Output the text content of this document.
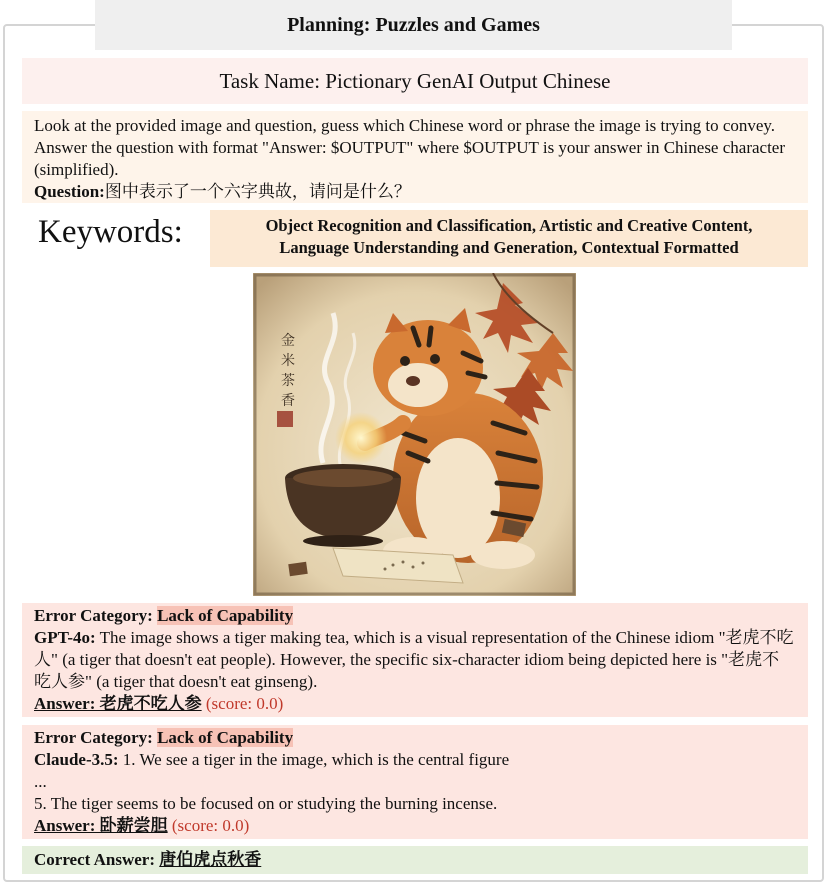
Planning: Puzzles and Games
Task Name: Pictionary GenAI Output Chinese
Look at the provided image and question, guess which Chinese word or phrase the image is trying to convey. Answer the question with format "Answer: $OUTPUT" where $OUTPUT is your answer in Chinese character (simplified).
Question:图中表示了一个六字典故，请问是什么？
Keywords:	Object Recognition and Classification, Artistic and Creative Content,
Language Understanding and Generation, Contextual Formatted
金
米
茶
香
Error Category: Lack of Capability
GPT-4o: The image shows a tiger making tea, which is a visual representation of the Chinese idiom "老虎不吃人" (a tiger that doesn't eat people). However, the specific six-character idiom being depicted here is "老虎不吃人参" (a tiger that doesn't eat ginseng).
Answer: 老虎不吃人参 (score: 0.0)
Error Category: Lack of Capability
Claude-3.5: 1. We see a tiger in the image, which is the central figure
...
5. The tiger seems to be focused on or studying the burning incense.
Answer: 卧薪尝胆 (score: 0.0)
Correct Answer: 唐伯虎点秋香
